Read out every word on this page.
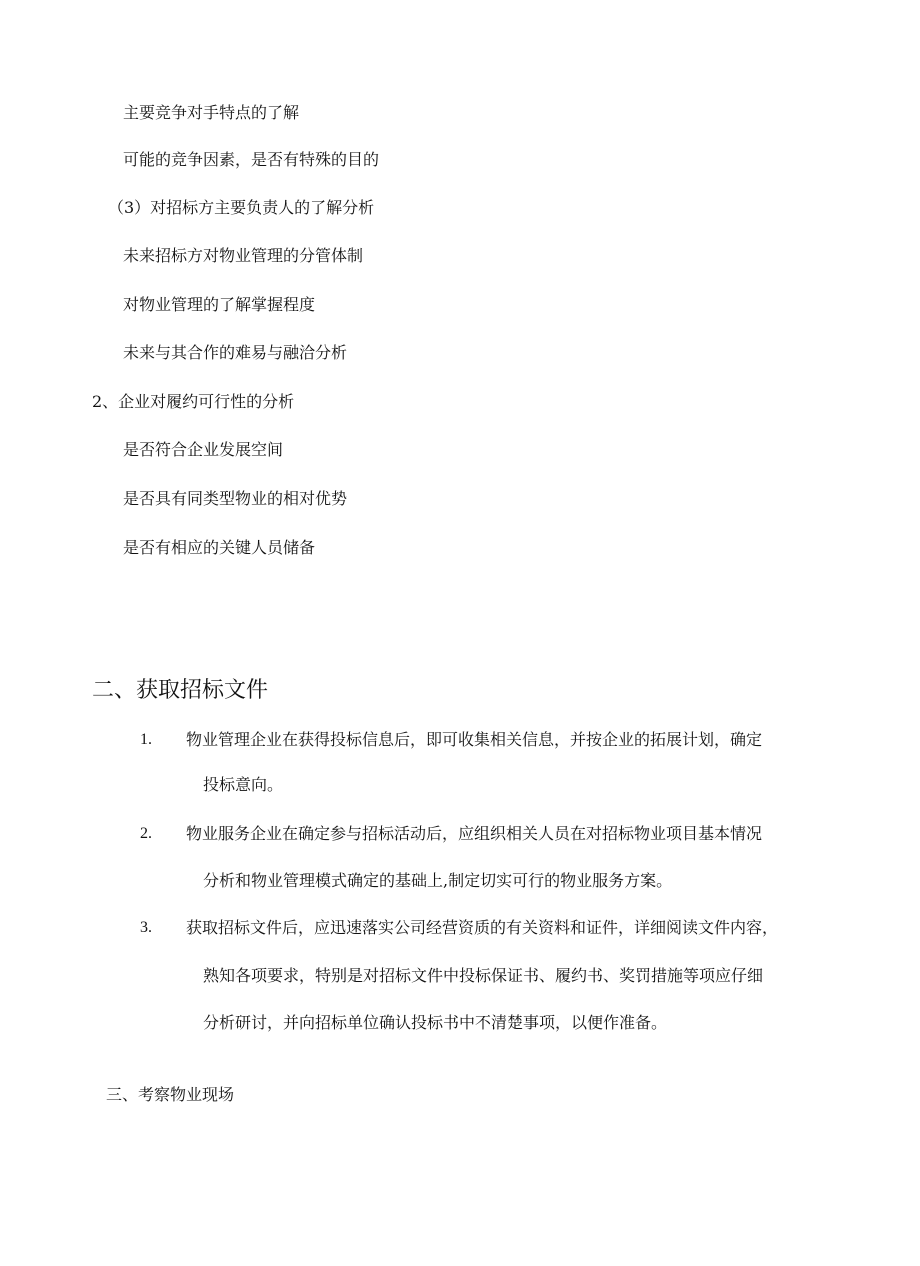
主要竞争对手特点的了解
可能的竞争因素，是否有特殊的目的
（3）对招标方主要负责人的了解分析
未来招标方对物业管理的分管体制
对物业管理的了解掌握程度
未来与其合作的难易与融洽分析
2、企业对履约可行性的分析
是否符合企业发展空间
是否具有同类型物业的相对优势
是否有相应的关键人员储备
二、获取招标文件
1. 物业管理企业在获得投标信息后，即可收集相关信息，并按企业的拓展计划，确定
投标意向。
2. 物业服务企业在确定参与招标活动后，应组织相关人员在对招标物业项目基本情况
分析和物业管理模式确定的基础上,制定切实可行的物业服务方案。
3. 获取招标文件后，应迅速落实公司经营资质的有关资料和证件，详细阅读文件内容，
熟知各项要求，特别是对招标文件中投标保证书、履约书、奖罚措施等项应仔细
分析研讨，并向招标单位确认投标书中不清楚事项，以便作准备。
三、考察物业现场
